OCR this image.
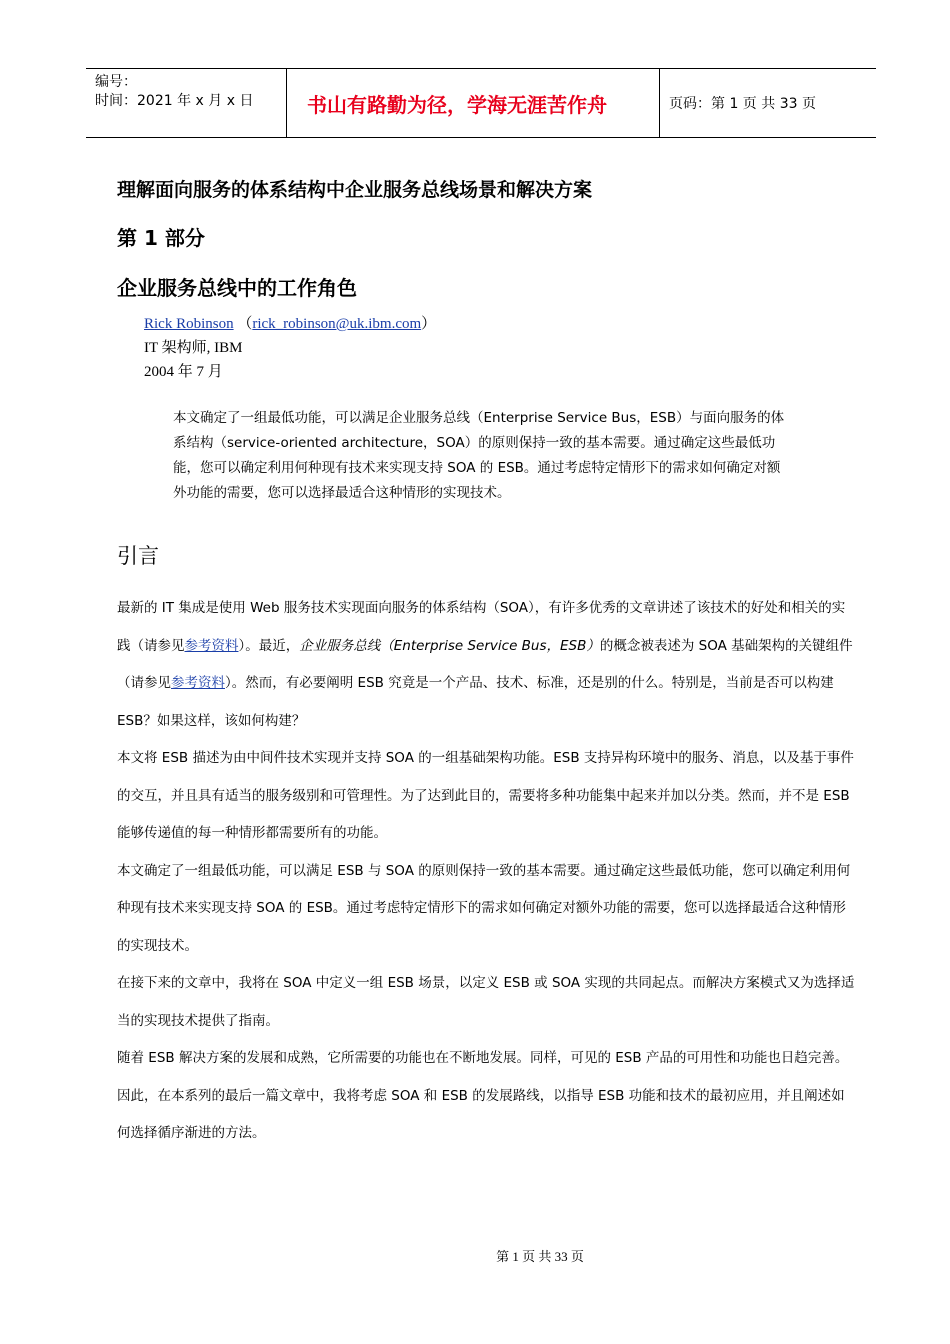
编号：
时间：2021 年 x 月 x 日	书山有路勤为径，学海无涯苦作舟	页码：第 1 页 共 33 页
理解面向服务的体系结构中企业服务总线场景和解决方案
第 1 部分
企业服务总线中的工作角色
Rick Robinson （rick_robinson@uk.ibm.com）
IT 架构师, IBM
2004 年 7 月
本文确定了一组最低功能，可以满足企业服务总线（Enterprise Service Bus，ESB）与面向服务的体系结构（service-oriented architecture，SOA）的原则保持一致的基本需要。通过确定这些最低功能，您可以确定利用何种现有技术来实现支持 SOA 的 ESB。通过考虑特定情形下的需求如何确定对额外功能的需要，您可以选择最适合这种情形的实现技术。
引言

最新的 IT 集成是使用 Web 服务技术实现面向服务的体系结构（SOA），有许多优秀的文章讲述了该技术的好处和相关的实践（请参见参考资料）。最近，企业服务总线（Enterprise Service Bus，ESB）的概念被表述为 SOA 基础架构的关键组件（请参见参考资料）。然而，有必要阐明 ESB 究竟是一个产品、技术、标准，还是别的什么。特别是，当前是否可以构建 ESB？如果这样，该如何构建？

本文将 ESB 描述为由中间件技术实现并支持 SOA 的一组基础架构功能。ESB 支持异构环境中的服务、消息，以及基于事件的交互，并且具有适当的服务级别和可管理性。为了达到此目的，需要将多种功能集中起来并加以分类。然而，并不是 ESB 能够传递值的每一种情形都需要所有的功能。

本文确定了一组最低功能，可以满足 ESB 与 SOA 的原则保持一致的基本需要。通过确定这些最低功能，您可以确定利用何种现有技术来实现支持 SOA 的 ESB。通过考虑特定情形下的需求如何确定对额外功能的需要，您可以选择最适合这种情形的实现技术。

在接下来的文章中，我将在 SOA 中定义一组 ESB 场景，以定义 ESB 或 SOA 实现的共同起点。而解决方案模式又为选择适当的实现技术提供了指南。

随着 ESB 解决方案的发展和成熟，它所需要的功能也在不断地发展。同样，可见的 ESB 产品的可用性和功能也日趋完善。因此，在本系列的最后一篇文章中，我将考虑 SOA 和 ESB 的发展路线，以指导 ESB 功能和技术的最初应用，并且阐述如何选择循序渐进的方法。

第 1 页 共 33 页
